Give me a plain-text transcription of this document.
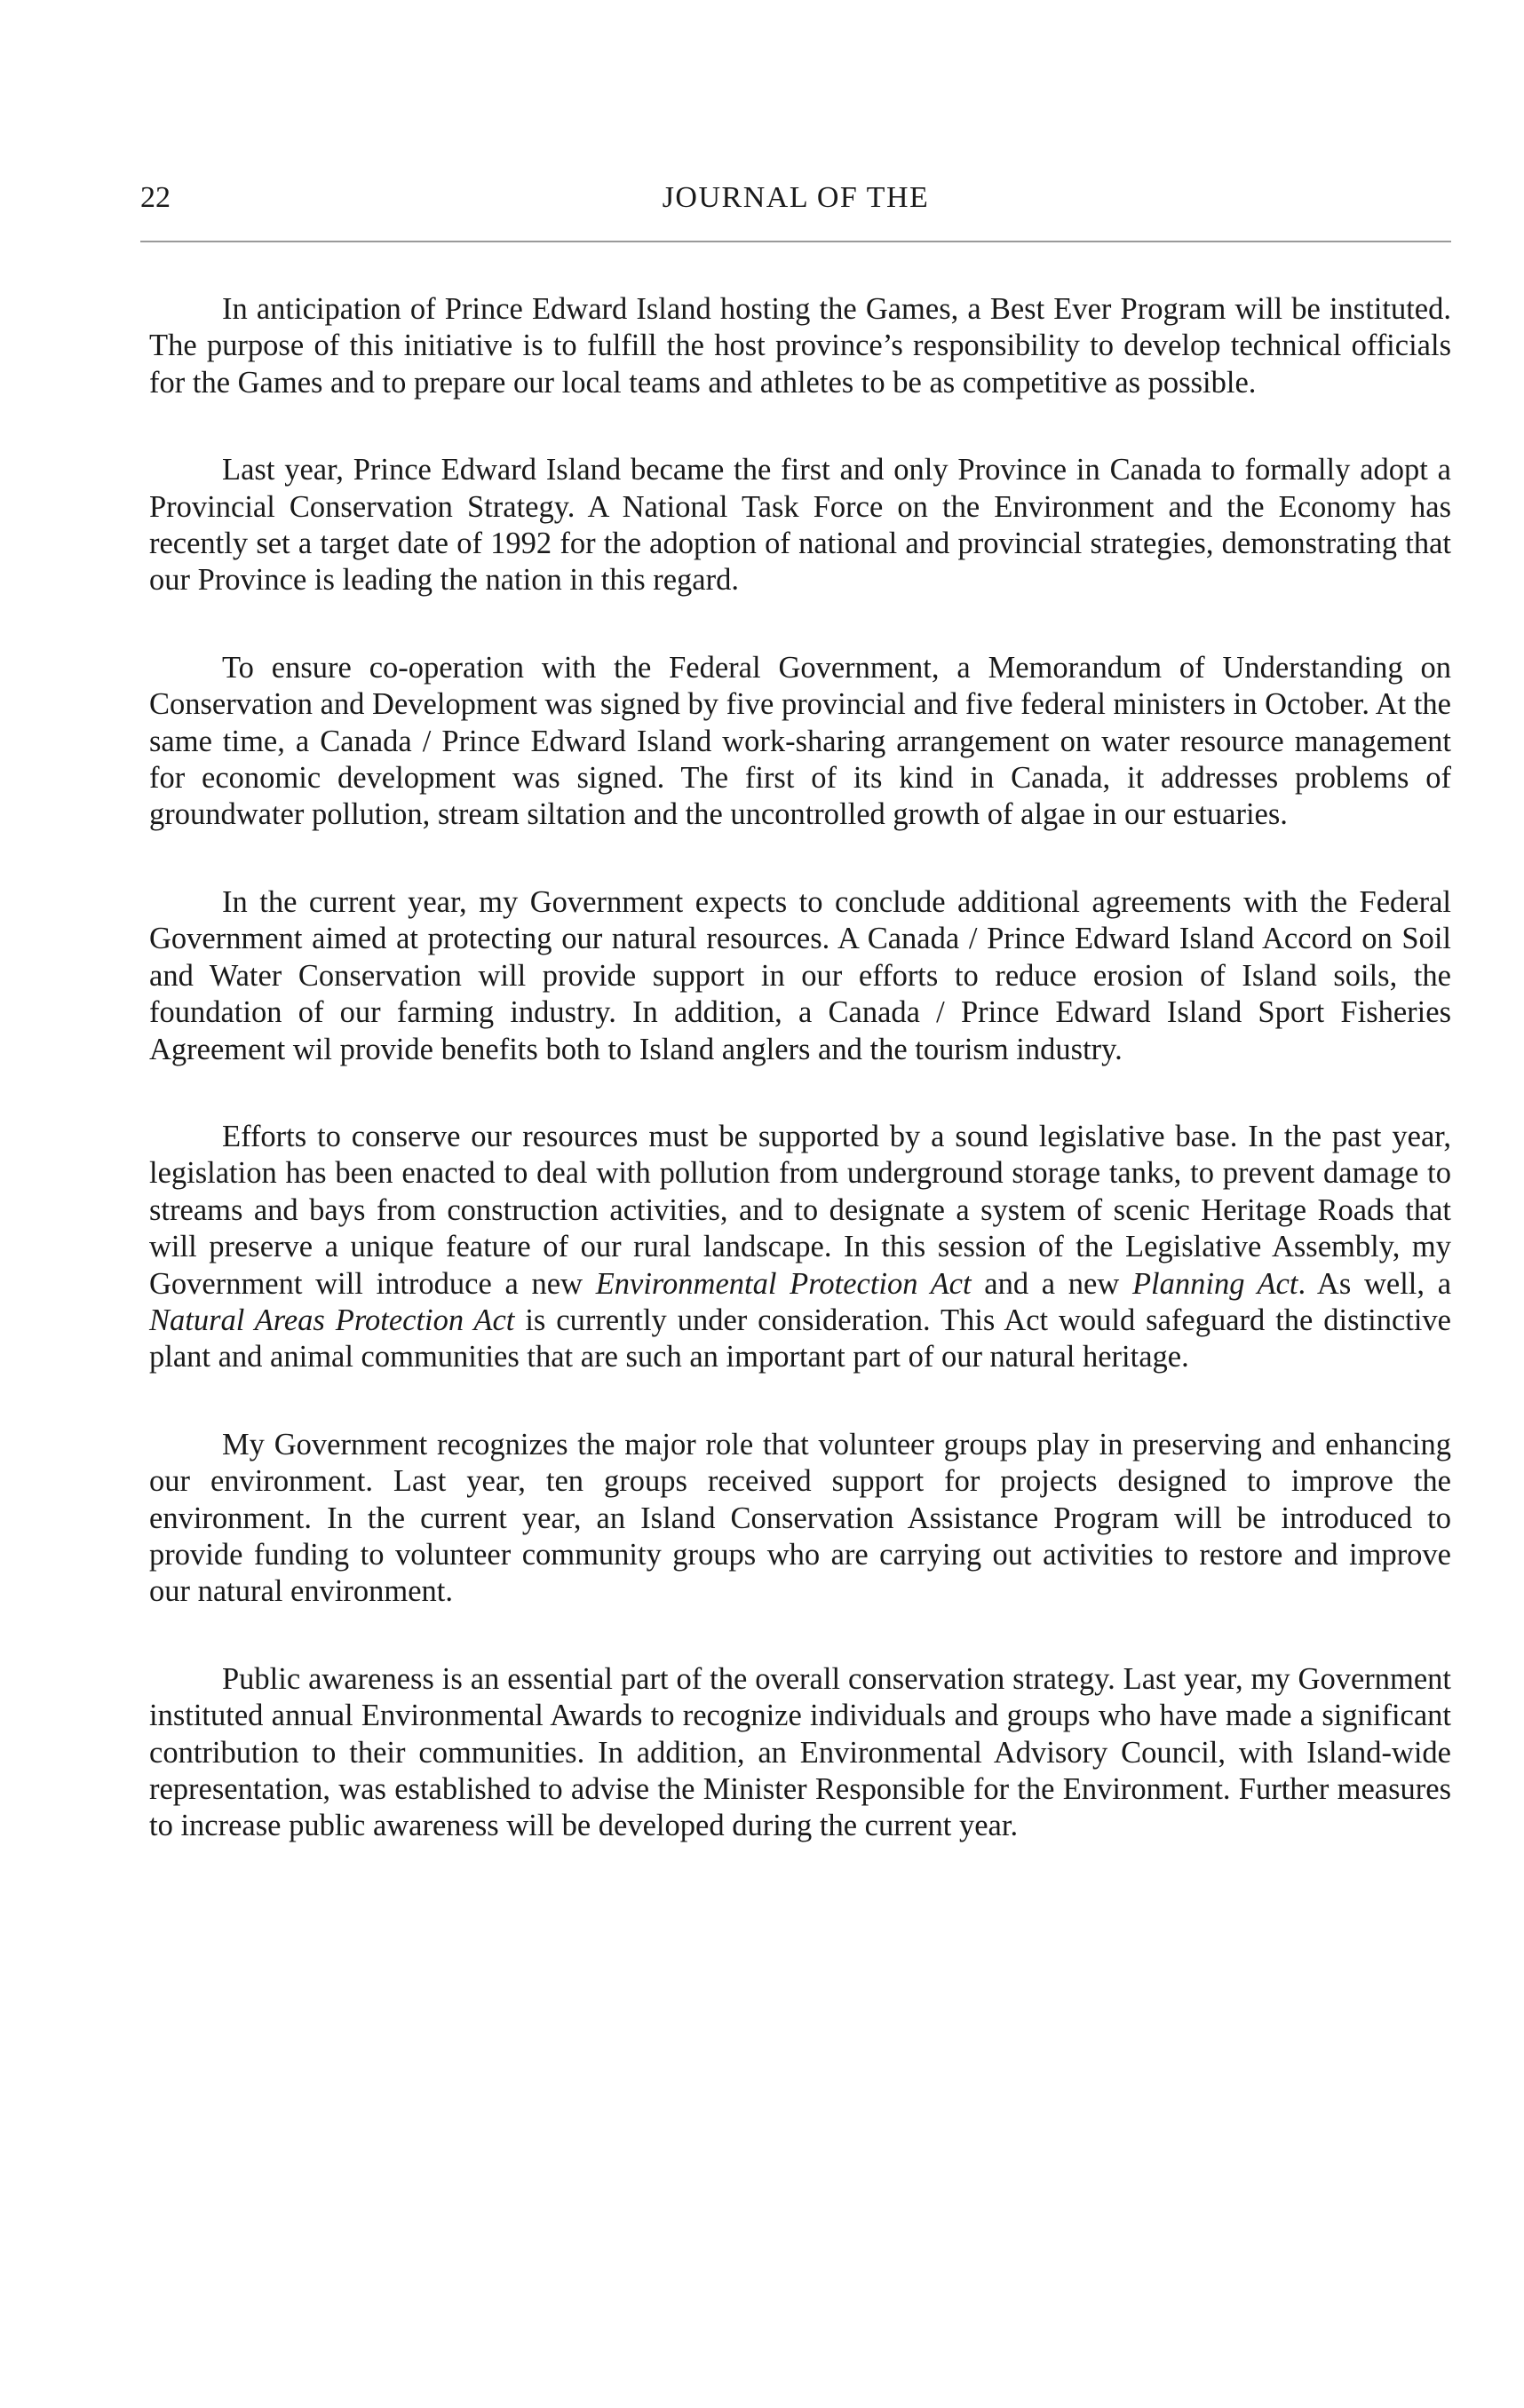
22	JOURNAL OF THE

In anticipation of Prince Edward Island hosting the Games, a Best Ever Program will be instituted. The purpose of this initiative is to fulfill the host province’s responsibility to develop technical officials for the Games and to prepare our local teams and athletes to be as competitive as possible.

Last year, Prince Edward Island became the first and only Province in Canada to formally adopt a Provincial Conservation Strategy. A National Task Force on the Environment and the Economy has recently set a target date of 1992 for the adoption of national and provincial strategies, demonstrating that our Province is leading the nation in this regard.

To ensure co-operation with the Federal Government, a Memorandum of Understanding on Conservation and Development was signed by five provincial and five federal ministers in October. At the same time, a Canada / Prince Edward Island work-sharing arrangement on water resource management for economic development was signed. The first of its kind in Canada, it addresses problems of groundwater pollution, stream siltation and the uncontrolled growth of algae in our estuaries.

In the current year, my Government expects to conclude additional agreements with the Federal Government aimed at protecting our natural resources. A Canada / Prince Edward Island Accord on Soil and Water Conservation will provide support in our efforts to reduce erosion of Island soils, the foundation of our farming industry. In addition, a Canada / Prince Edward Island Sport Fisheries Agreement wil provide benefits both to Island anglers and the tourism industry.

Efforts to conserve our resources must be supported by a sound legislative base. In the past year, legislation has been enacted to deal with pollution from underground storage tanks, to prevent damage to streams and bays from construction activities, and to designate a system of scenic Heritage Roads that will preserve a unique feature of our rural landscape. In this session of the Legislative Assembly, my Government will introduce a new Environmental Protection Act and a new Planning Act. As well, a Natural Areas Protection Act is currently under consideration. This Act would safeguard the distinctive plant and animal communities that are such an important part of our natural heritage.

My Government recognizes the major role that volunteer groups play in preserving and enhancing our environment. Last year, ten groups received support for projects designed to improve the environment. In the current year, an Island Conservation Assistance Program will be introduced to provide funding to volunteer community groups who are carrying out activities to restore and improve our natural environment.

Public awareness is an essential part of the overall conservation strategy. Last year, my Government instituted annual Environmental Awards to recognize individuals and groups who have made a significant contribution to their communities. In addition, an Environmental Advisory Council, with Island-wide representation, was established to advise the Minister Responsible for the Environment. Further measures to increase public awareness will be developed during the current year.
